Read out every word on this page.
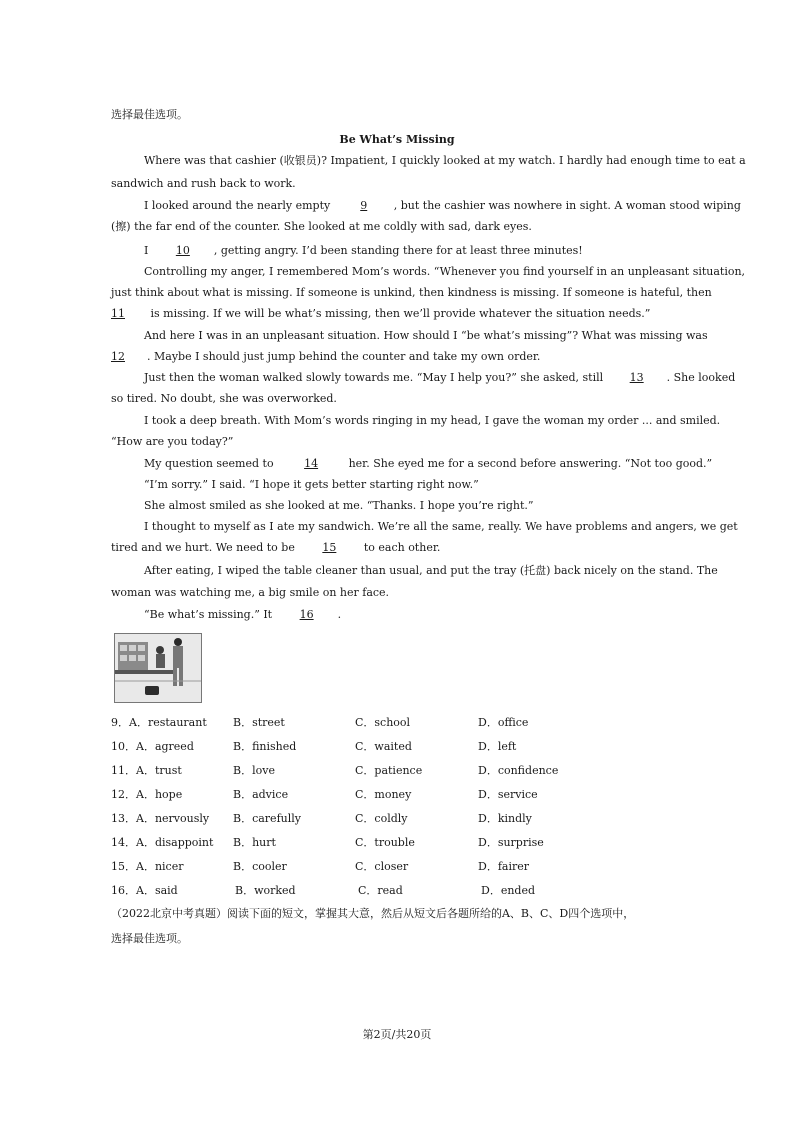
选择最佳选项。
Be What’s Missing
Where was that cashier (收银员)? Impatient, I quickly looked at my watch. I hardly had enough time to eat a
sandwich and rush back to work.
I looked around the nearly empty 9 , but the cashier was nowhere in sight. A woman stood wiping
(擦) the far end of the counter. She looked at me coldly with sad, dark eyes.
I 10 , getting angry. I’d been standing there for at least three minutes!
Controlling my anger, I remembered Mom’s words. “Whenever you find yourself in an unpleasant situation,
just think about what is missing. If someone is unkind, then kindness is missing. If someone is hateful, then
11 is missing. If we will be what’s missing, then we’ll provide whatever the situation needs.”
And here I was in an unpleasant situation. How should I “be what’s missing”? What was missing was
12 . Maybe I should just jump behind the counter and take my own order.
Just then the woman walked slowly towards me. “May I help you?” she asked, still 13 . She looked
so tired. No doubt, she was overworked.
I took a deep breath. With Mom’s words ringing in my head, I gave the woman my order ... and smiled.
“How are you today?”
My question seemed to 14 her. She eyed me for a second before answering. “Not too good.”
“I’m sorry.” I said. “I hope it gets better starting right now.”
She almost smiled as she looked at me. “Thanks. I hope you’re right.”
I thought to myself as I ate my sandwich. We’re all the same, really. We have problems and angers, we get
tired and we hurt. We need to be 15 to each other.
After eating, I wiped the table cleaner than usual, and put the tray (托盘) back nicely on the stand. The
woman was watching me, a big smile on her face.
“Be what’s missing.” It 16 .
9．A．restaurant B．street	C．school	D．office
10．A．agreed	B．finished	C．waited	D．left
11．A．trust	B．love	C．patience	D．confidence
12．A．hope	B．advice	C．money	D．service
13．A．nervously B．carefully	C．coldly	D．kindly
14．A．disappoint B．hurt	C．trouble	D．surprise
15．A．nicer	B．cooler	C．closer	D．fairer
16．A．said	B．worked	C．read	D．ended
（2022北京中考真题）阅读下面的短文，掌握其大意，然后从短文后各题所给的A、B、C、D四个选项中，
选择最佳选项。
第2页/共20页
